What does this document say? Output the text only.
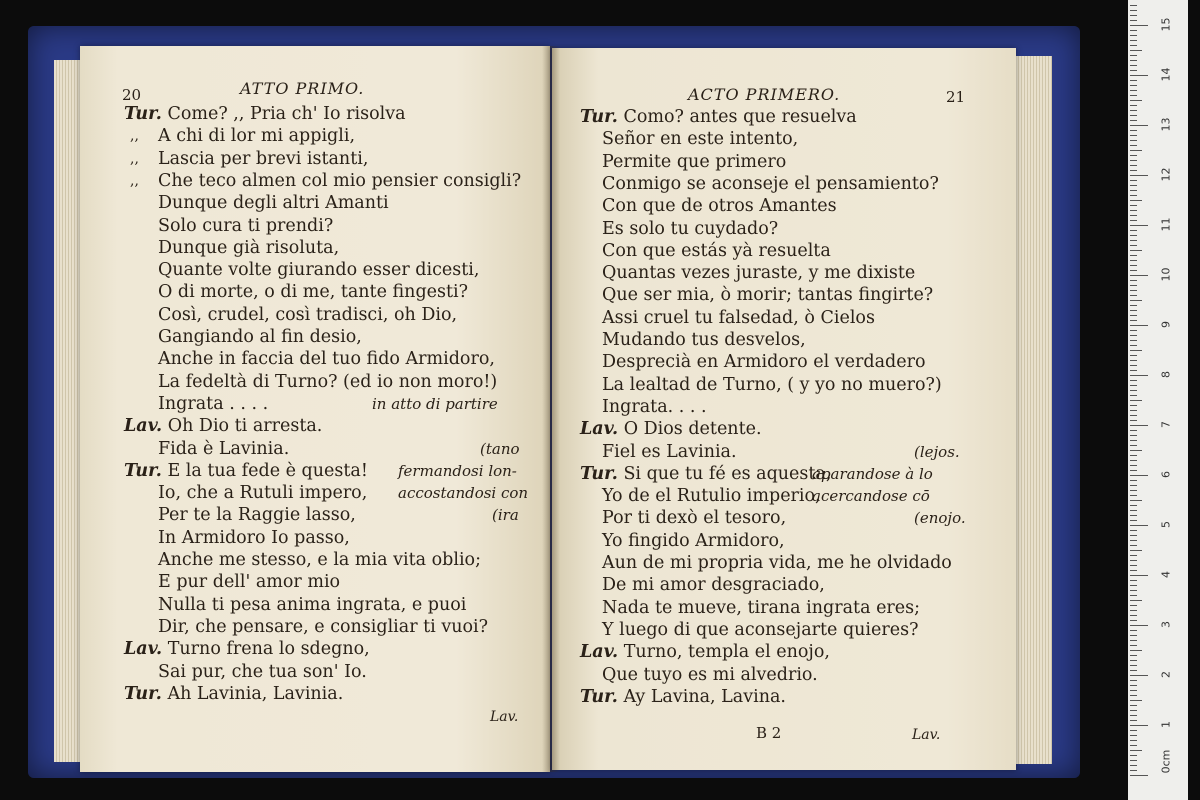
20	ATTO PRIMO.	ACTO PRIMERO.	21
Tur. Come? ,, Pria ch' Io risolva
A chi di lor mi appigli,
,,
Lascia per brevi istanti,
,,
Che teco almen col mio pensier consigli?
,,
Dunque degli altri Amanti
Solo cura ti prendi?
Dunque già risoluta,
Quante volte giurando esser dicesti,
O di morte, o di me, tante fingesti?
Così, crudel, così tradisci, oh Dio,
Gangiando al fin desio,
Anche in faccia del tuo fido Armidoro,
La fedeltà di Turno? (ed io non moro!)
Ingrata . . . .	in atto di partire
Lav. Oh Dio ti arresta.
Fida è Lavinia.	(tano
Tur. E la tua fede è questa! fermandosi lon-
Io, che a Rutuli impero, accostandosi con
Per te la Raggie lasso,	(ira
In Armidoro Io passo,
Anche me stesso, e la mia vita oblio;
E pur dell' amor mio
Nulla ti pesa anima ingrata, e puoi
Dir, che pensare, e consigliar ti vuoi?
Lav. Turno frena lo sdegno,
Sai pur, che tua son' Io.
Tur. Ah Lavinia, Lavinia.
Tur. Como? antes que resuelva
Señor en este intento,
Permite que primero
Conmigo se aconseje el pensamiento?
Con que de otros Amantes
Es solo tu cuydado?
Con que estás yà resuelta
Quantas vezes juraste, y me dixiste
Que ser mia, ò morir; tantas fingirte?
Assi cruel tu falsedad, ò Cielos
Mudando tus desvelos,
Desprecià en Armidoro el verdadero
La lealtad de Turno, ( y yo no muero?)
Ingrata. . . .
Lav. O Dios detente.
Fiel es Lavinia.	(lejos.
Tur. Si que tu fé es aquesta,
aparandose à lo
Yo de el Rutulio imperio,
acercandose cō
Por ti dexò el tesoro,	(enojo.
Yo fingido Armidoro,
Aun de mi propria vida, me he olvidado
De mi amor desgraciado,
Nada te mueve, tirana ingrata eres;
Y luego di que aconsejarte quieres?
Lav. Turno, templa el enojo,
Que tuyo es mi alvedrio.
Tur. Ay Lavina, Lavina.
Lav.
B 2	Lav.
0cm
1
2
3
4
5
6
7
8
9
10
11
12
13
14
15
